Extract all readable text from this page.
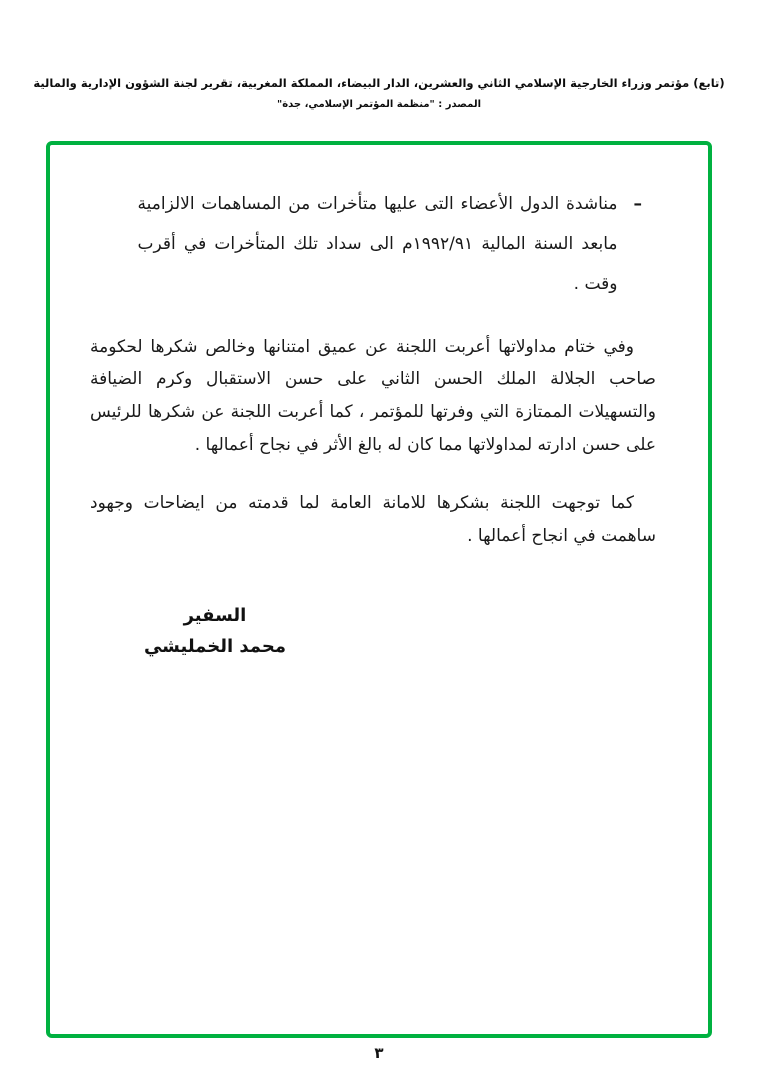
(تابع) مؤتمر وزراء الخارجية الإسلامي الثاني والعشرين، الدار البيضاء، المملكة المغربية، تقرير لجنة الشؤون الإدارية والمالية
المصدر : "منظمة المؤتمر الإسلامي، جدة"
–

مناشدة الدول الأعضاء التى عليها متأخرات من المساهمات الالزامية مابعد السنة المالية ١٩٩٢/٩١م الى سداد تلك المتأخرات في أقرب وقت .

وفي ختام مداولاتها أعربت اللجنة عن عميق امتنانها وخالص شكرها لحكومة صاحب الجلالة الملك الحسن الثاني على حسن الاستقبال وكرم الضيافة والتسهيلات الممتازة التي وفرتها للمؤتمر ، كما أعربت اللجنة عن شكرها للرئيس على حسن ادارته لمداولاتها مما كان له بالغ الأثر في نجاح أعمالها .

كما توجهت اللجنة بشكرها للامانة العامة لما قدمته من ايضاحات وجهود ساهمت في انجاح أعمالها .

السفير
محمد الخمليشي
٣
